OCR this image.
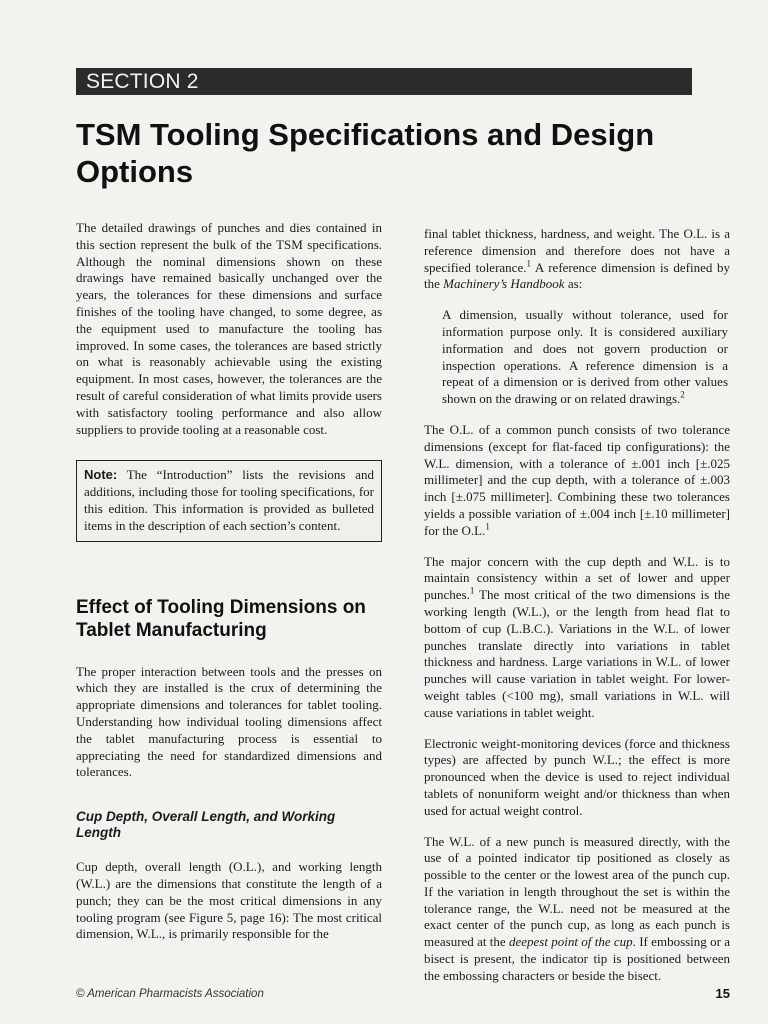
SECTION 2
TSM Tooling Specifications and Design Options

The detailed drawings of punches and dies contained in this section represent the bulk of the TSM specifications. Although the nominal dimensions shown on these drawings have remained basically unchanged over the years, the tolerances for these dimensions and surface finishes of the tooling have changed, to some degree, as the equipment used to manufacture the tooling has improved. In some cases, the tolerances are based strictly on what is reasonably achievable using the existing equipment. In most cases, however, the tolerances are the result of careful consideration of what limits provide users with satisfactory tooling performance and also allow suppliers to provide tooling at a reasonable cost.

Note: The “Introduction” lists the revisions and additions, including those for tooling specifications, for this edition. This information is provided as bulleted items in the description of each section’s content.

Effect of Tooling Dimensions on Tablet Manufacturing

The proper interaction between tools and the presses on which they are installed is the crux of determining the appropriate dimensions and tolerances for tablet tooling. Understanding how individual tooling dimensions affect the tablet manufacturing process is essential to appreciating the need for standardized dimensions and tolerances.

Cup Depth, Overall Length, and Working Length

Cup depth, overall length (O.L.), and working length (W.L.) are the dimensions that constitute the length of a punch; they can be the most critical dimensions in any tooling program (see Figure 5, page 16): The most critical dimension, W.L., is primarily responsible for the

final tablet thickness, hardness, and weight. The O.L. is a reference dimension and therefore does not have a specified tolerance.$^1$ A reference dimension is defined by the Machinery’s Handbook as:

A dimension, usually without tolerance, used for information purpose only. It is considered auxiliary information and does not govern production or inspection operations. A reference dimension is a repeat of a dimension or is derived from other values shown on the drawing or on related drawings.$^2$

The O.L. of a common punch consists of two tolerance dimensions (except for flat-faced tip configurations): the W.L. dimension, with a tolerance of ±.001 inch [±.025 millimeter] and the cup depth, with a tolerance of ±.003 inch [±.075 millimeter]. Combining these two tolerances yields a possible variation of ±.004 inch [±.10 millimeter] for the O.L.$^1$

The major concern with the cup depth and W.L. is to maintain consistency within a set of lower and upper punches.$^1$ The most critical of the two dimensions is the working length (W.L.), or the length from head flat to bottom of cup (L.B.C.). Variations in the W.L. of lower punches translate directly into variations in tablet thickness and hardness. Large variations in W.L. of lower punches will cause variation in tablet weight. For lower-weight tables (<100 mg), small variations in W.L. will cause variations in tablet weight.

Electronic weight-monitoring devices (force and thickness types) are affected by punch W.L.; the effect is more pronounced when the device is used to reject individual tablets of nonuniform weight and/or thickness than when used for actual weight control.

The W.L. of a new punch is measured directly, with the use of a pointed indicator tip positioned as closely as possible to the center or the lowest area of the punch cup. If the variation in length throughout the set is within the tolerance range, the W.L. need not be measured at the exact center of the punch cup, as long as each punch is measured at the deepest point of the cup. If embossing or a bisect is present, the indicator tip is positioned between the embossing characters or beside the bisect.

© American Pharmacists Association	15
